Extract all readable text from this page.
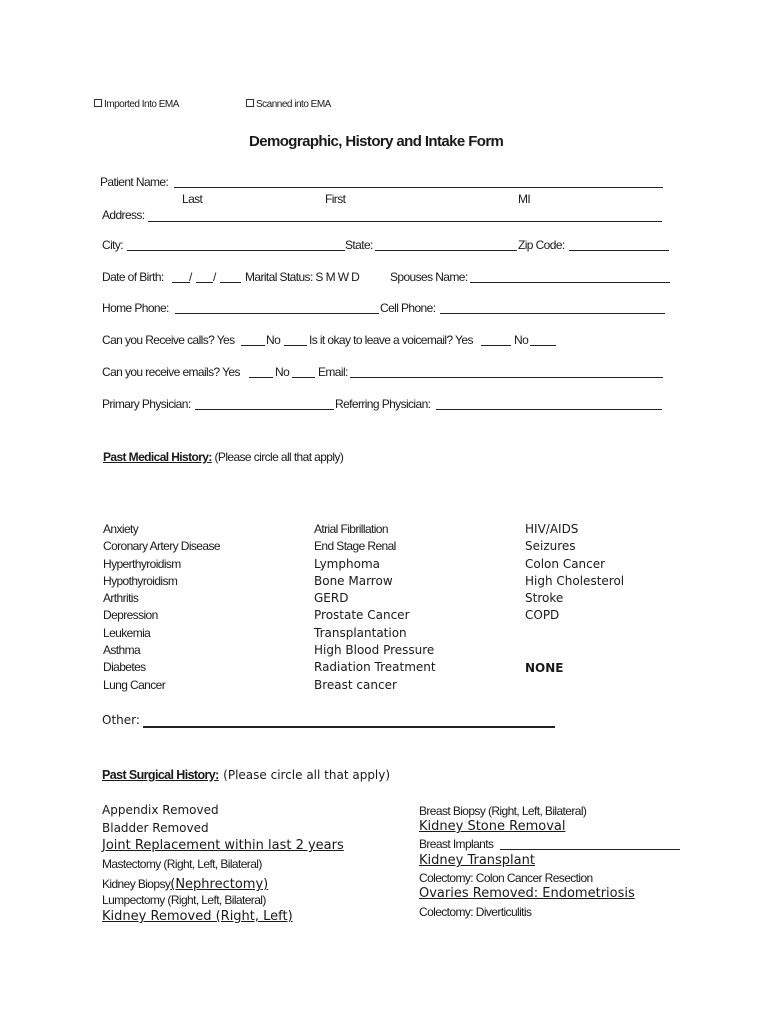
Imported Into EMA	Scanned into EMA
Demographic, History and Intake Form
Patient Name:
Last	First	MI
Address:
City:	State:	Zip Code:
Date of Birth: / / Marital Status: S M W D	Spouses Name:
Home Phone:	Cell Phone:
Can you Receive calls? Yes	No Is it okay to leave a voicemail? Yes	No
Can you receive emails? Yes	No Email:
Primary Physician:	Referring Physician:
Past Medical History: (Please circle all that apply)
Anxiety
Coronary Artery Disease
Hyperthyroidism
Hypothyroidism
Arthritis
Depression
Leukemia
Asthma
Diabetes
Lung Cancer
Atrial Fibrillation
End Stage Renal
Lymphoma
Bone Marrow
GERD
Prostate Cancer
Transplantation
High Blood Pressure
Radiation Treatment
Breast cancer
HIV/AIDS
Seizures
Colon Cancer
High Cholesterol
Stroke
COPD
NONE
Other:
Past Surgical History: (Please circle all that apply)
Appendix Removed
Bladder Removed
Joint Replacement within last 2 years
Mastectomy (Right, Left, Bilateral)
Kidney Biopsy(Nephrectomy)
Lumpectomy (Right, Left, Bilateral)
Kidney Removed (Right, Left)
Breast Biopsy (Right, Left, Bilateral)
Kidney Stone Removal
Breast Implants
Kidney Transplant
Colectomy: Colon Cancer Resection
Ovaries Removed: Endometriosis
Colectomy: Diverticulitis
